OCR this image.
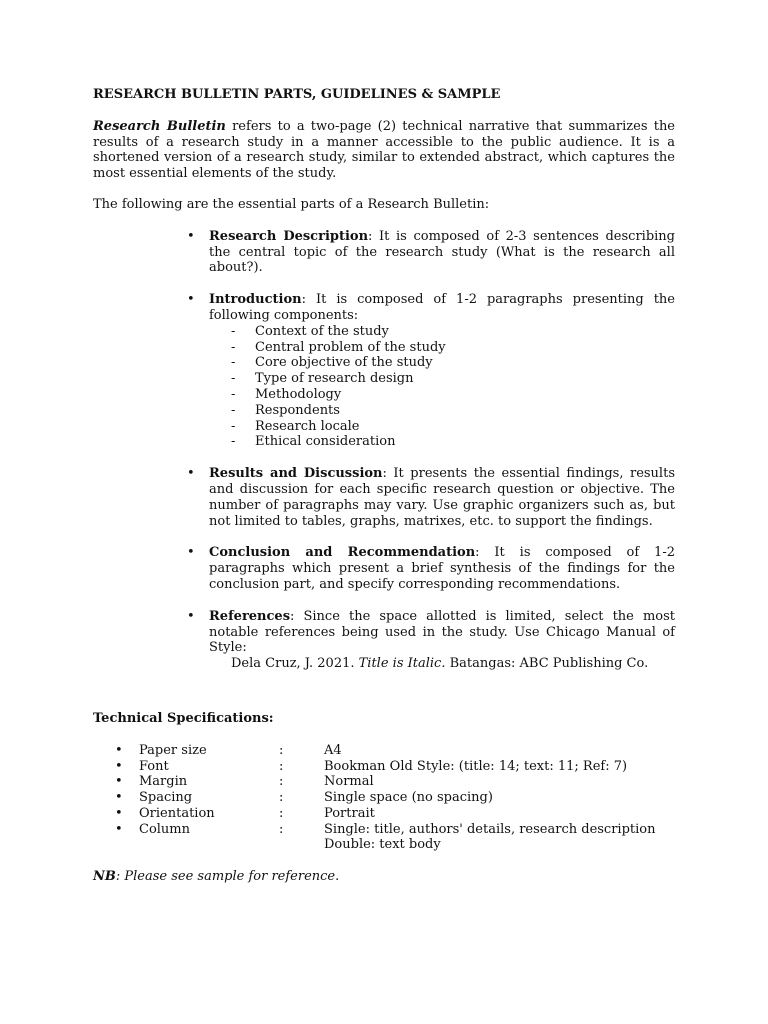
RESEARCH BULLETIN PARTS, GUIDELINES & SAMPLE

Research Bulletin refers to a two-page (2) technical narrative that summarizes the results of a research study in a manner accessible to the public audience. It is a shortened version of a research study, similar to extended abstract, which captures the most essential elements of the study.

The following are the essential parts of a Research Bulletin:

• Research Description: It is composed of 2-3 sentences describing the central topic of the research study (What is the research all about?).
• Introduction: It is composed of 1-2 paragraphs presenting the following components:
- Context of the study
- Central problem of the study
- Core objective of the study
- Type of research design
- Methodology
- Respondents
- Research locale
- Ethical consideration
• Results and Discussion: It presents the essential findings, results and discussion for each specific research question or objective. The number of paragraphs may vary. Use graphic organizers such as, but not limited to tables, graphs, matrixes, etc. to support the findings.
• Conclusion and Recommendation: It is composed of 1-2 paragraphs which present a brief synthesis of the findings for the conclusion part, and specify corresponding recommendations.
• References: Since the space allotted is limited, select the most notable references being used in the study. Use Chicago Manual of Style:
Dela Cruz, J. 2021. Title is Italic. Batangas: ABC Publishing Co.

Technical Specifications:

•	Paper size	:	A4
•	Font	:	Bookman Old Style: (title: 14; text: 11; Ref: 7)
•	Margin	:	Normal
•	Spacing	:	Single space (no spacing)
•	Orientation	:	Portrait
•	Column	:	Single: title, authors' details, research description
Double: text body

NB: Please see sample for reference.
